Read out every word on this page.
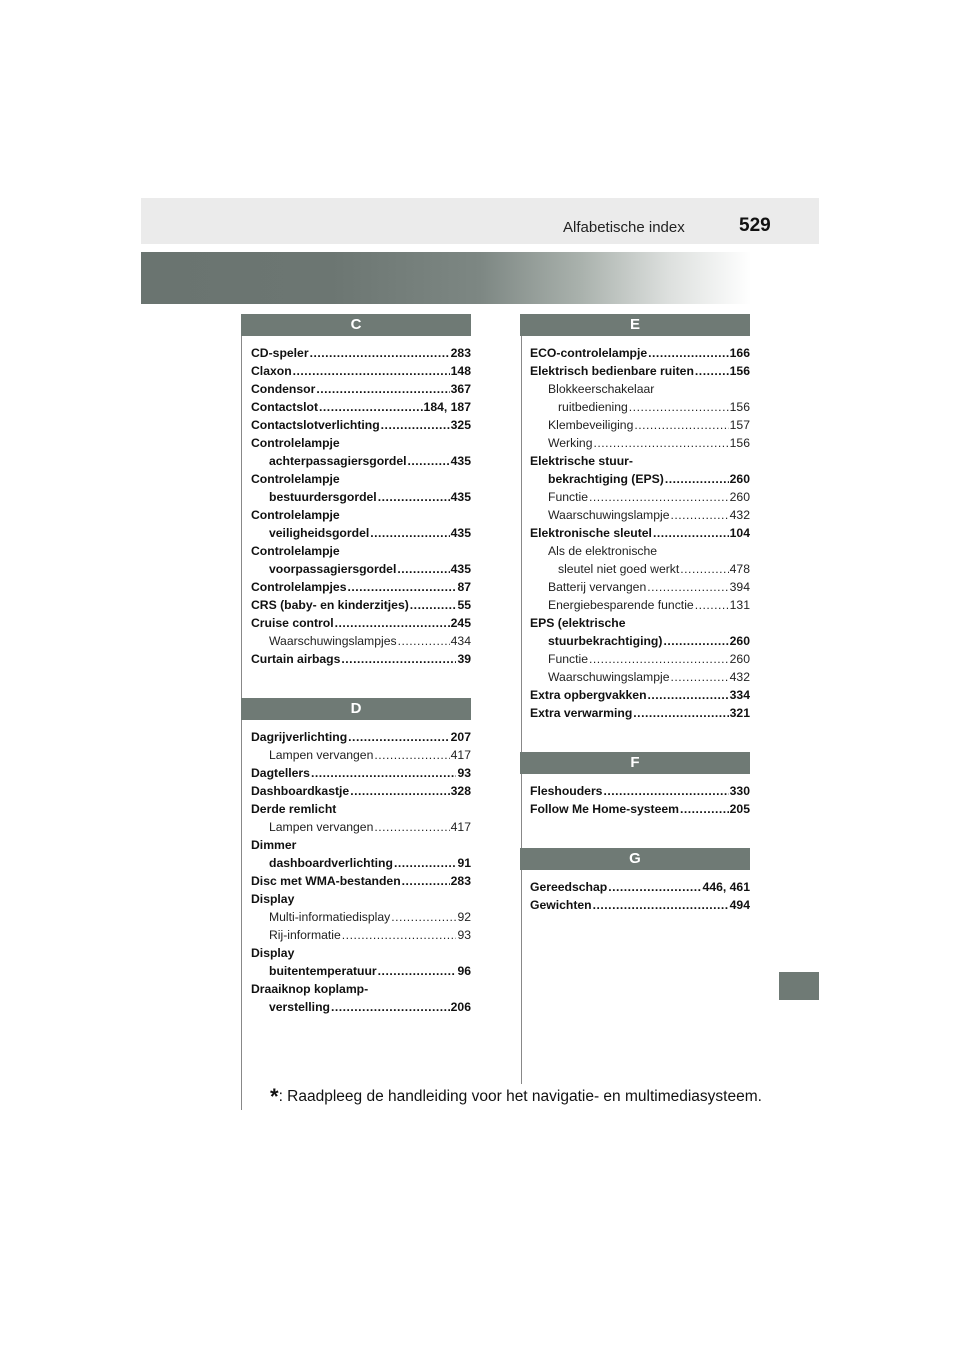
Alfabetische index	529
C
CD-speler .....	283
Claxon .....	148
Condensor .....	367
Contactslot .....	184, 187
Contactslotverlichting .....	325
Controlelampje
achterpassagiersgordel .....	435
Controlelampje
bestuurdersgordel .....	435
Controlelampje
veiligheidsgordel .....	435
Controlelampje
voorpassagiersgordel .....	435
Controlelampjes .....	87
CRS (baby- en kinderzitjes) .....	55
Cruise control .....	245
Waarschuwingslampjes .....	434
Curtain airbags .....	39
D
Dagrijverlichting .....	207
Lampen vervangen .....	417
Dagtellers .....	93
Dashboardkastje .....	328
Derde remlicht
Lampen vervangen .....	417
Dimmer
dashboardverlichting .....	91
Disc met WMA-bestanden .....	283
Display
Multi-informatiedisplay .....	92
Rij-informatie .....	93
Display
buitentemperatuur .....	96
Draaiknop koplamp-
verstelling .....	206
E
ECO-controlelampje .....	166
Elektrisch bedienbare ruiten .....	156
Blokkeerschakelaar
ruitbediening .....	156
Klembeveiliging .....	157
Werking .....	156
Elektrische stuur-
bekrachtiging (EPS) .....	260
Functie .....	260
Waarschuwingslampje .....	432
Elektronische sleutel .....	104
Als de elektronische
sleutel niet goed werkt .....	478
Batterij vervangen .....	394
Energiebesparende functie .....	131
EPS (elektrische
stuurbekrachtiging) .....	260
Functie .....	260
Waarschuwingslampje .....	432
Extra opbergvakken .....	334
Extra verwarming .....	321
F
Fleshouders .....	330
Follow Me Home-systeem .....	205
G
Gereedschap .....	446, 461
Gewichten .....	494
*: Raadpleeg de handleiding voor het navigatie- en multimediasysteem.
